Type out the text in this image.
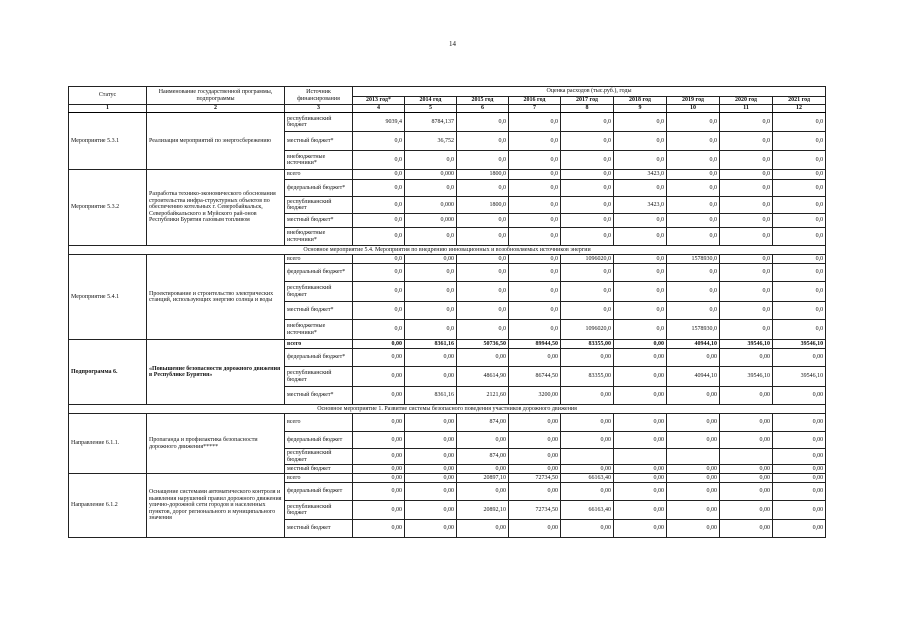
14
Статус	Наименование государственной программы, подпрограммы	Источник финансирования	Оценка расходов (тыс.руб.), годы								
			2013 год*	2014 год	2015 год	2016 год	2017 год	2018 год	2019 год	2020 год	2021 год
1	2	3	4	5	6	7	8	9	10	11	12
Мероприятие 5.3.1	Реализация мероприятий по энергосбережению	республиканский бюджет	9039,4	8784,137	0,0	0,0	0,0	0,0	0,0	0,0	0,0
		местный бюджет*	0,0	36,752	0,0	0,0	0,0	0,0	0,0	0,0	0,0
		внебюджетные источники*	0,0	0,0	0,0	0,0	0,0	0,0	0,0	0,0	0,0
Мероприятие 5.3.2	Разработка технико-экономического обоснования строительства инфра-структурных объектов по обеспечению котельных г. Северобайкальск, Северобайкальского и Муйского рай-онов Республики Бурятия газовым топливом	всего	0,0	0,000	1800,0	0,0	0,0	3423,0	0,0	0,0	0,0
		федеральный бюджет*	0,0	0,0	0,0	0,0	0,0	0,0	0,0	0,0	0,0
		республиканский бюджет	0,0	0,000	1800,0	0,0	0,0	3423,0	0,0	0,0	0,0
		местный бюджет*	0,0	0,000	0,0	0,0	0,0	0,0	0,0	0,0	0,0
		внебюджетные источники*	0,0	0,0	0,0	0,0	0,0	0,0	0,0	0,0	0,0
Основное мероприятие 5.4. Мероприятия по внедрению инновационных и возобновляемых источников энергии											
Мероприятие 5.4.1	Проектирование и строительство электрических станций, использующих энергию солнца и воды	всего	0,0	0,00	0,0	0,0	1096020,0	0,0	1578930,0	0,0	0,0
		федеральный бюджет*	0,0	0,0	0,0	0,0	0,0	0,0	0,0	0,0	0,0
		республиканский бюджет	0,0	0,0	0,0	0,0	0,0	0,0	0,0	0,0	0,0
		местный бюджет*	0,0	0,0	0,0	0,0	0,0	0,0	0,0	0,0	0,0
		внебюджетные источники*	0,0	0,0	0,0	0,0	1096020,0	0,0	1578930,0	0,0	0,0
Подпрограмма 6.	«Повышение безопасности дорожного движения в Республике Бурятия»	всего	0,00	8361,16	50736,50	89944,50	83355,00	0,00	40944,10	39546,10	39546,10
		федеральный бюджет*	0,00	0,00	0,00	0,00	0,00	0,00	0,00	0,00	0,00
		республиканский бюджет	0,00	0,00	48614,90	86744,50	83355,00	0,00	40944,10	39546,10	39546,10
		местный бюджет*	0,00	8361,16	2121,60	3200,00	0,00	0,00	0,00	0,00	0,00
Основное мероприятие 1. Развитие системы безопасного поведения участников дорожного движения											
Направление 6.1.1.	Пропаганда и профилактика безопасности дорожного движения*****	всего	0,00	0,00	874,00	0,00	0,00	0,00	0,00	0,00	0,00
		федеральный бюджет	0,00	0,00	0,00	0,00	0,00	0,00	0,00	0,00	0,00
		республиканский бюджет	0,00	0,00	874,00	0,00					0,00
		местный бюджет	0,00	0,00	0,00	0,00	0,00	0,00	0,00	0,00	0,00
Направление 6.1.2	Оснащение системами автоматического контроля и выявления нарушений правил дорожного движения улично-дорожной сети городов и населенных пунктов, дорог регионального и муниципального значения	всего	0,00	0,00	20897,10	72734,50	66163,40	0,00	0,00	0,00	0,00
		федеральный бюджет	0,00	0,00	0,00	0,00	0,00	0,00	0,00	0,00	0,00
		республиканский бюджет	0,00	0,00	20892,10	72734,50	66163,40	0,00	0,00	0,00	0,00
		местный бюджет	0,00	0,00	0,00	0,00	0,00	0,00	0,00	0,00	0,00
